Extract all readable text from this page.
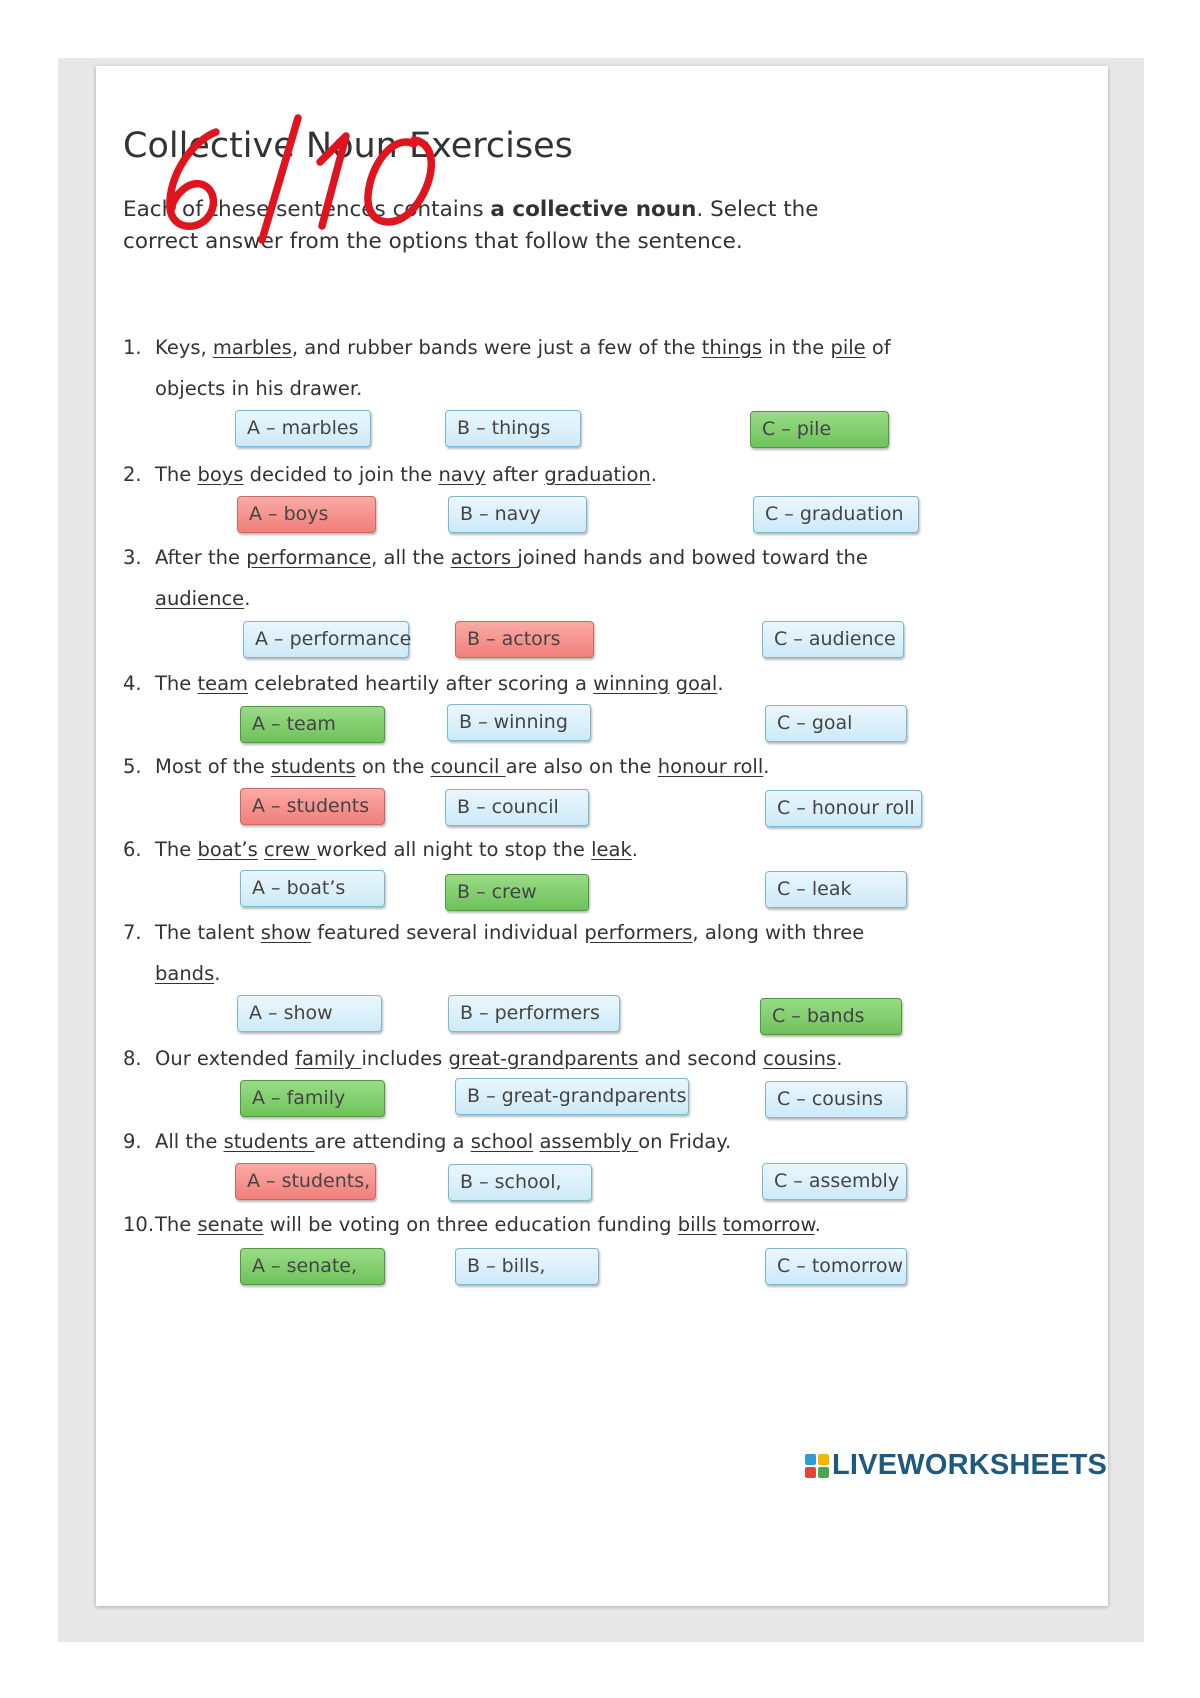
Collective Noun Exercises
Each of these sentences contains a collective noun. Select the correct answer from the options that follow the sentence.
1. Keys, marbles, and rubber bands were just a few of the things in the pile of
objects in his drawer.
A – marbles	B – things	C – pile
2. The boys decided to join the navy after graduation.
A – boys	B – navy	C – graduation
3. After the performance, all the actors joined hands and bowed toward the
audience.
A – performance	B – actors	C – audience
4. The team celebrated heartily after scoring a winning goal.
A – team	B – winning	C – goal
5. Most of the students on the council are also on the honour roll.
A – students	B – council	C – honour roll
6. The boat’s crew worked all night to stop the leak.
A – boat’s	B – crew	C – leak
7. The talent show featured several individual performers, along with three
bands.
A – show	B – performers	C – bands
8. Our extended family includes great-grandparents and second cousins.
A – family	B – great-grandparents	C – cousins
9. All the students are attending a school assembly on Friday.
A – students,	B – school,	C – assembly
10.The senate will be voting on three education funding bills tomorrow.
A – senate,	B – bills,	C – tomorrow
LIVEWORKSHEETS
